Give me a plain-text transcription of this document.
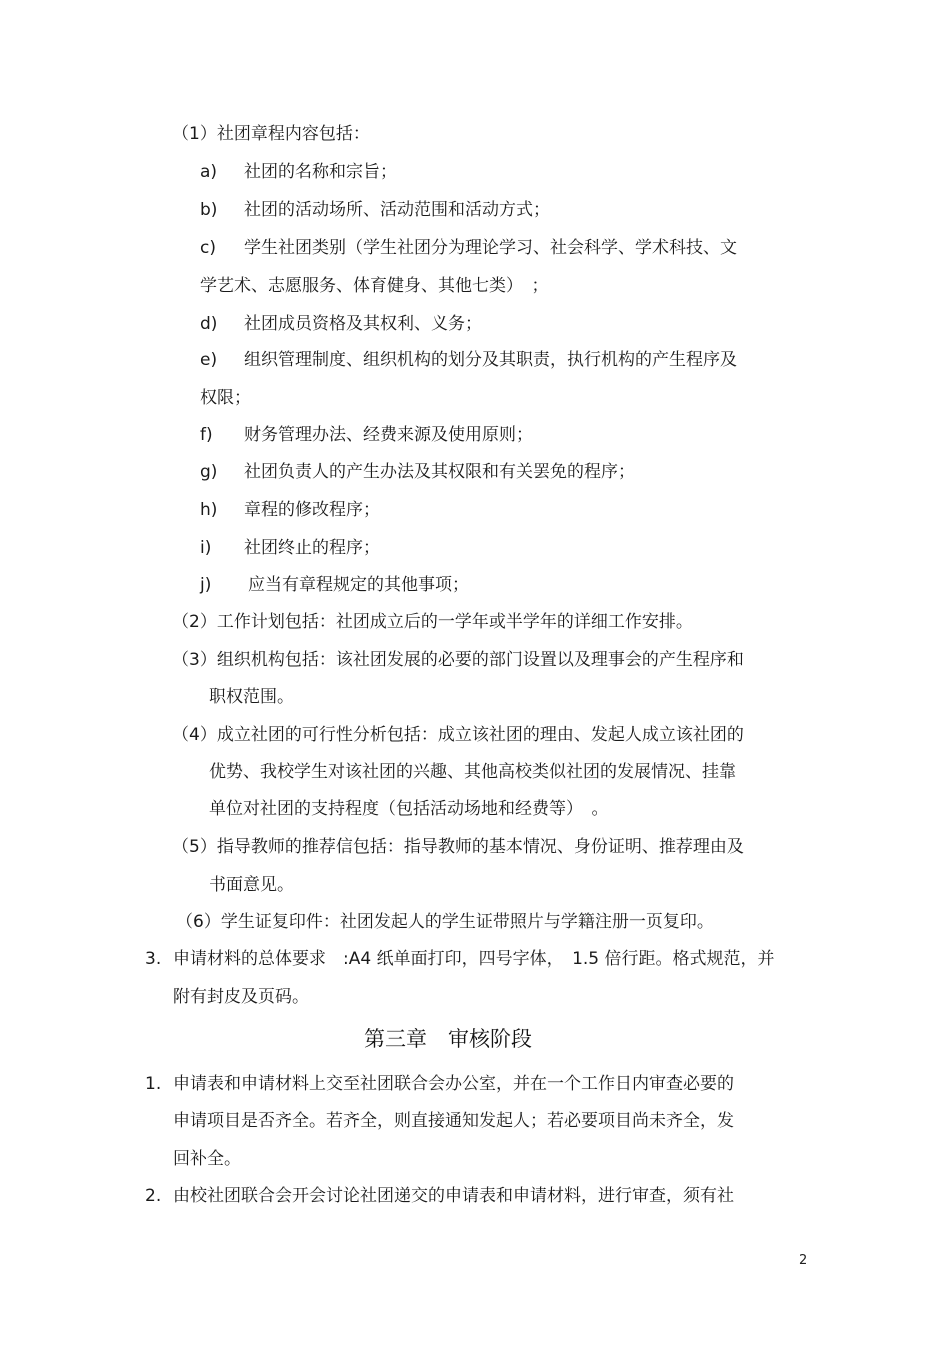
（1）社团章程内容包括：
a) 社团的名称和宗旨；
b) 社团的活动场所、活动范围和活动方式；
c) 学生社团类别（学生社团分为理论学习、社会科学、学术科技、文
学艺术、志愿服务、体育健身、其他七类）　；
d) 社团成员资格及其权利、义务；
e) 组织管理制度、组织机构的划分及其职责，执行机构的产生程序及
权限；
f) 财务管理办法、经费来源及使用原则；
g) 社团负责人的产生办法及其权限和有关罢免的程序；
h) 章程的修改程序；
i) 社团终止的程序；
j) 应当有章程规定的其他事项；
（2）工作计划包括：社团成立后的一学年或半学年的详细工作安排。
（3）组织机构包括：该社团发展的必要的部门设置以及理事会的产生程序和
职权范围。
（4）成立社团的可行性分析包括：成立该社团的理由、发起人成立该社团的
优势、我校学生对该社团的兴趣、其他高校类似社团的发展情况、挂靠
单位对社团的支持程度（包括活动场地和经费等）　。
（5）指导教师的推荐信包括：指导教师的基本情况、身份证明、推荐理由及
书面意见。
（6）学生证复印件：社团发起人的学生证带照片与学籍注册一页复印。
3. 申请材料的总体要求　:A4 纸单面打印，四号字体，　1.5 倍行距。格式规范，并
附有封皮及页码。
第三章　审核阶段
1. 申请表和申请材料上交至社团联合会办公室，并在一个工作日内审查必要的
申请项目是否齐全。若齐全，则直接通知发起人；若必要项目尚未齐全，发
回补全。
2. 由校社团联合会开会讨论社团递交的申请表和申请材料，进行审查，须有社
2
